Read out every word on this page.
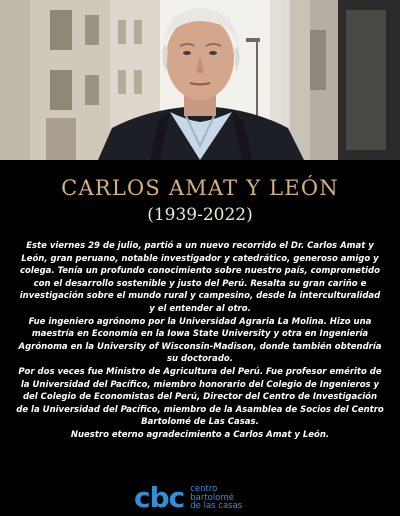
CARLOS AMAT Y LEÓN
(1939-2022)

Este viernes 29 de julio, partió a un nuevo recorrido el Dr. Carlos Amat y León, gran peruano, notable investigador y catedrático, generoso amigo y colega. Tenía un profundo conocimiento sobre nuestro país, comprometido con el desarrollo sostenible y justo del Perú. Resalta su gran cariño e investigación sobre el mundo rural y campesino, desde la interculturalidad y el entender al otro.

Fue ingeniero agrónomo por la Universidad Agraria La Molina. Hizo una maestría en Economía en la Iowa State University y otra en Ingeniería Agrónoma en la University of Wisconsin-Madison, donde también obtendría su doctorado.

Por dos veces fue Ministro de Agricultura del Perú. Fue profesor emérito de la Universidad del Pacífico, miembro honorario del Colegio de Ingenieros y del Colegio de Economistas del Perú, Director del Centro de Investigación de la Universidad del Pacífico, miembro de la Asamblea de Socios del Centro Bartolomé de Las Casas.

Nuestro eterno agradecimiento a Carlos Amat y León.

cbc centro
bartolomé
de las casas
